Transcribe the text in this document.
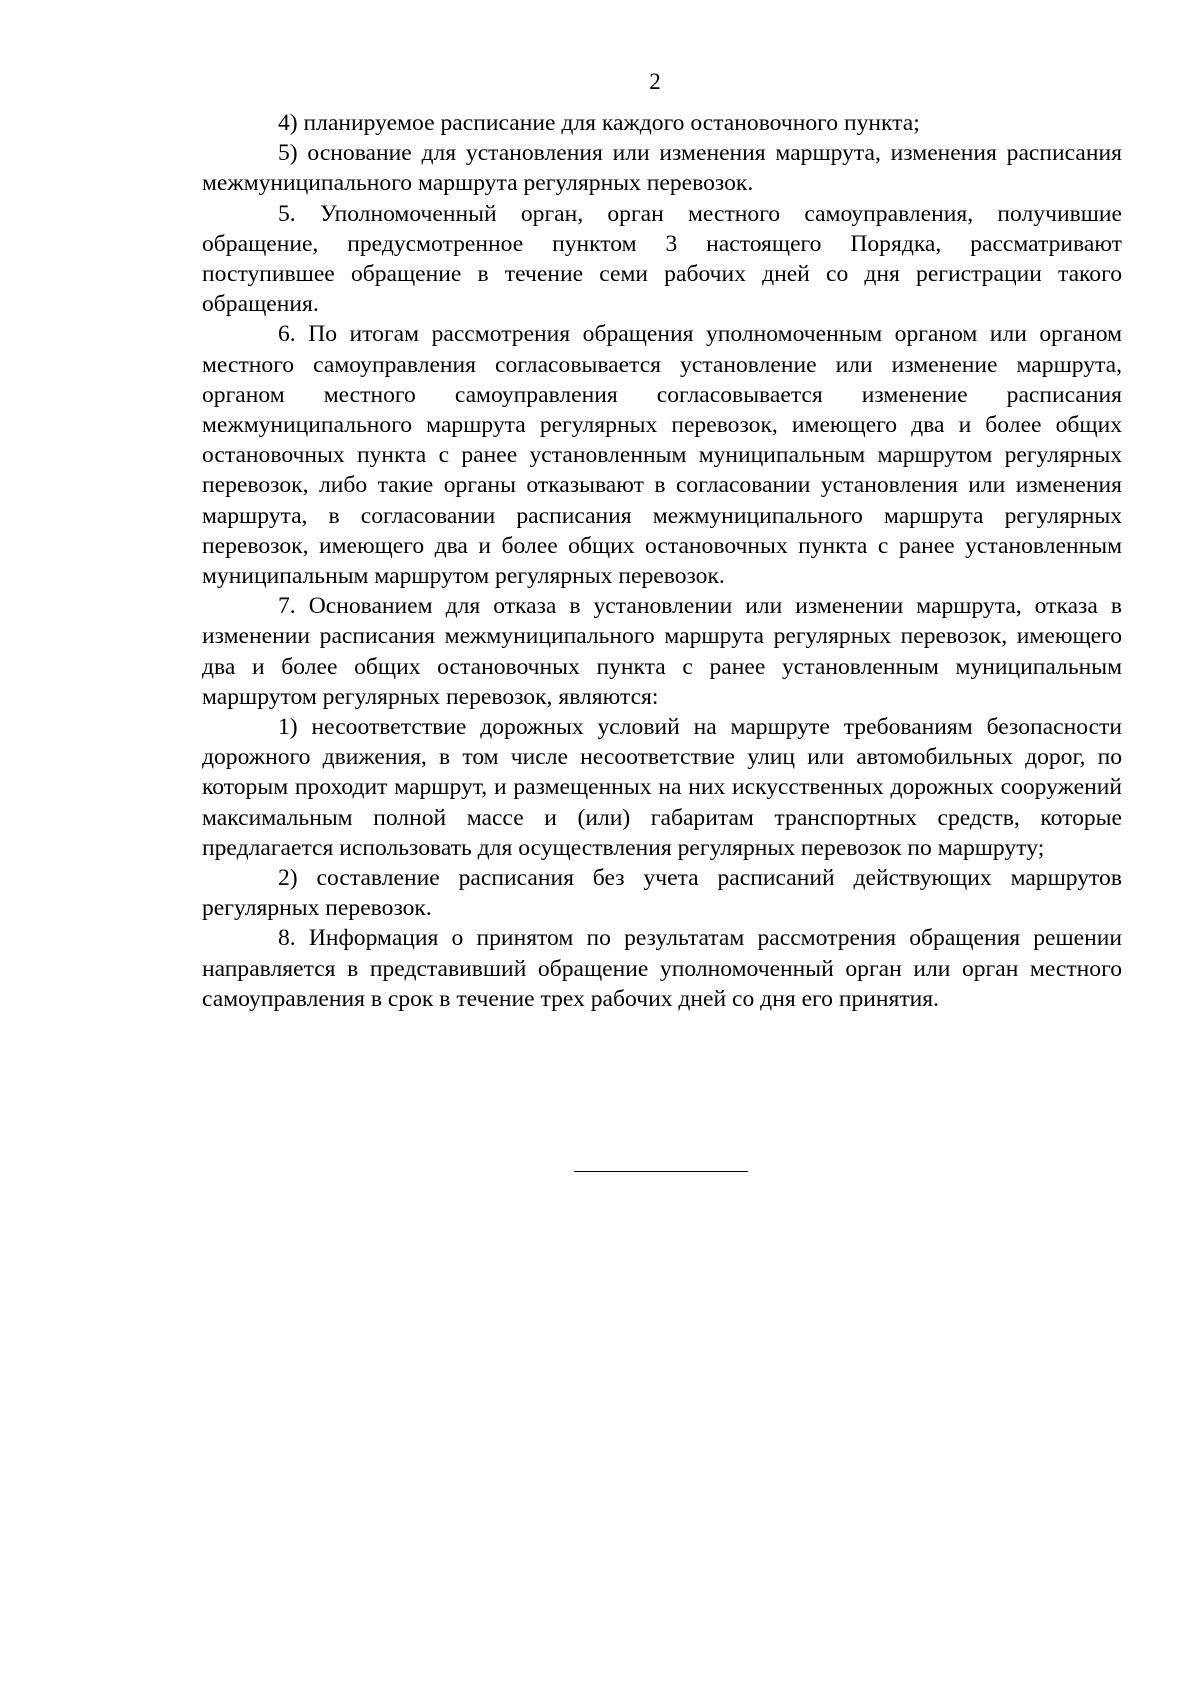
2

4) планируемое расписание для каждого остановочного пункта;

5) основание для установления или изменения маршрута, изменения расписания межмуниципального маршрута регулярных перевозок.

5. Уполномоченный орган, орган местного самоуправления, получившие обращение, предусмотренное пунктом 3 настоящего Порядка, рассматривают поступившее обращение в течение семи рабочих дней со дня регистрации такого обращения.

6. По итогам рассмотрения обращения уполномоченным органом или органом местного самоуправления согласовывается установление или изменение маршрута, органом местного самоуправления согласовывается изменение расписания межмуниципального маршрута регулярных перевозок, имеющего два и более общих остановочных пункта с ранее установленным муниципальным маршрутом регулярных перевозок, либо такие органы отказывают в согласовании установления или изменения маршрута, в согласовании расписания межмуниципального маршрута регулярных перевозок, имеющего два и более общих остановочных пункта с ранее установленным муниципальным маршрутом регулярных перевозок.

7. Основанием для отказа в установлении или изменении маршрута, отказа в изменении расписания межмуниципального маршрута регулярных перевозок, имеющего два и более общих остановочных пункта с ранее установленным муниципальным маршрутом регулярных перевозок, являются:

1) несоответствие дорожных условий на маршруте требованиям безопасности дорожного движения, в том числе несоответствие улиц или автомобильных дорог, по которым проходит маршрут, и размещенных на них искусственных дорожных сооружений максимальным полной массе и (или) габаритам транспортных средств, которые предлагается использовать для осуществления регулярных перевозок по маршруту;

2) составление расписания без учета расписаний действующих маршрутов регулярных перевозок.

8. Информация о принятом по результатам рассмотрения обращения решении направляется в представивший обращение уполномоченный орган или орган местного самоуправления в срок в течение трех рабочих дней со дня его принятия.
